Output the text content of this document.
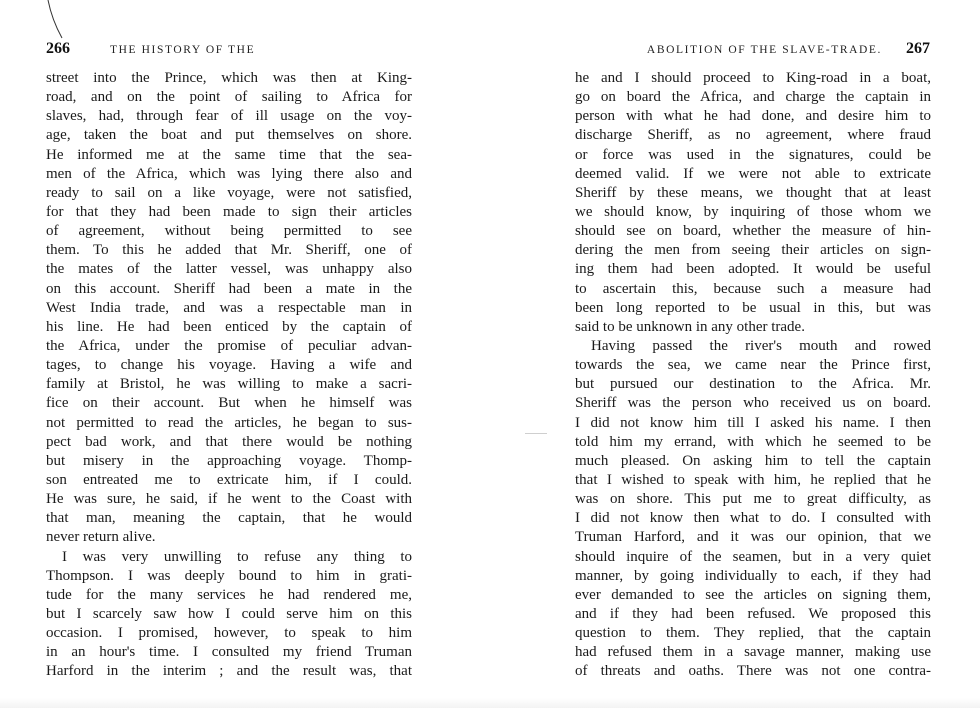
266	THE HISTORY OF THE
street into the Prince, which was then at King-
road, and on the point of sailing to Africa for
slaves, had, through fear of ill usage on the voy-
age, taken the boat and put themselves on shore.
He informed me at the same time that the sea-
men of the Africa, which was lying there also and
ready to sail on a like voyage, were not satisfied,
for that they had been made to sign their articles
of agreement, without being permitted to see
them. To this he added that Mr. Sheriff, one of
the mates of the latter vessel, was unhappy also
on this account. Sheriff had been a mate in the
West India trade, and was a respectable man in
his line. He had been enticed by the captain of
the Africa, under the promise of peculiar advan-
tages, to change his voyage. Having a wife and
family at Bristol, he was willing to make a sacri-
fice on their account. But when he himself was
not permitted to read the articles, he began to sus-
pect bad work, and that there would be nothing
but misery in the approaching voyage. Thomp-
son entreated me to extricate him, if I could.
He was sure, he said, if he went to the Coast with
that man, meaning the captain, that he would
never return alive.
I was very unwilling to refuse any thing to
Thompson. I was deeply bound to him in grati-
tude for the many services he had rendered me,
but I scarcely saw how I could serve him on this
occasion. I promised, however, to speak to him
in an hour's time. I consulted my friend Truman
Harford in the interim ; and the result was, that
ABOLITION OF THE SLAVE-TRADE. 267
he and I should proceed to King-road in a boat,
go on board the Africa, and charge the captain in
person with what he had done, and desire him to
discharge Sheriff, as no agreement, where fraud
or force was used in the signatures, could be
deemed valid. If we were not able to extricate
Sheriff by these means, we thought that at least
we should know, by inquiring of those whom we
should see on board, whether the measure of hin-
dering the men from seeing their articles on sign-
ing them had been adopted. It would be useful
to ascertain this, because such a measure had
been long reported to be usual in this, but was
said to be unknown in any other trade.
Having passed the river's mouth and rowed
towards the sea, we came near the Prince first,
but pursued our destination to the Africa. Mr.
Sheriff was the person who received us on board.
I did not know him till I asked his name. I then
told him my errand, with which he seemed to be
much pleased. On asking him to tell the captain
that I wished to speak with him, he replied that he
was on shore. This put me to great difficulty, as
I did not know then what to do. I consulted with
Truman Harford, and it was our opinion, that we
should inquire of the seamen, but in a very quiet
manner, by going individually to each, if they had
ever demanded to see the articles on signing them,
and if they had been refused. We proposed this
question to them. They replied, that the captain
had refused them in a savage manner, making use
of threats and oaths. There was not one contra-
